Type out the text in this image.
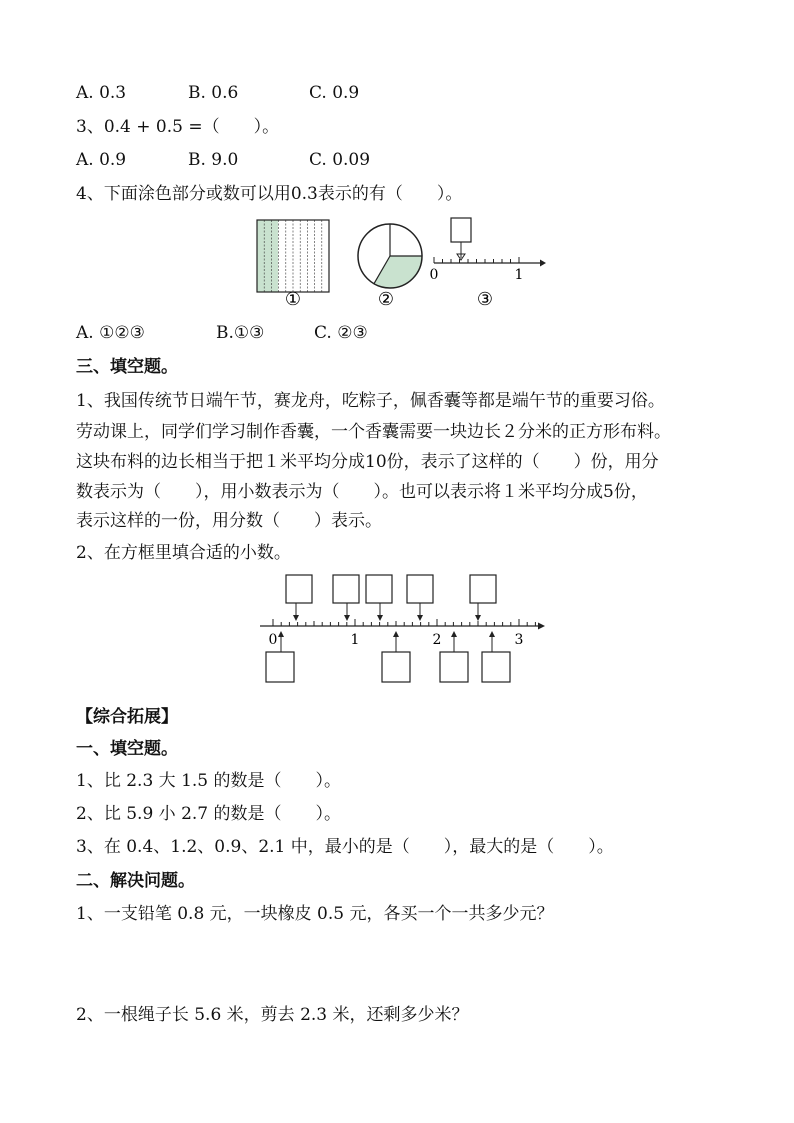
A. 0.3	B. 0.6	C. 0.9
3、0.4 + 0.5 =（　　）。
A. 0.9	B. 9.0	C. 0.09
4、下面涂色部分或数可以用0.3表示的有（　　）。
0	1
①	②	③
A. ①②③	B.①③	C. ②③
三、填空题。
1、我国传统节日端午节，赛龙舟，吃粽子，佩香囊等都是端午节的重要习俗。
劳动课上，同学们学习制作香囊，一个香囊需要一块边长２分米的正方形布料。
这块布料的边长相当于把１米平均分成10份，表示了这样的（　　）份，用分
数表示为（　　），用小数表示为（　　）。也可以表示将１米平均分成5份，
表示这样的一份，用分数（　　）表示。
2、在方框里填合适的小数。
0	1	2	3
【综合拓展】
一、填空题。
1、比 2.3 大 1.5 的数是（　　）。
2、比 5.9 小 2.7 的数是（　　）。
3、在 0.4、1.2、0.9、2.1 中，最小的是（　　），最大的是（　　）。
二、解决问题。
1、一支铅笔 0.8 元，一块橡皮 0.5 元，各买一个一共多少元？
2、一根绳子长 5.6 米，剪去 2.3 米，还剩多少米？
